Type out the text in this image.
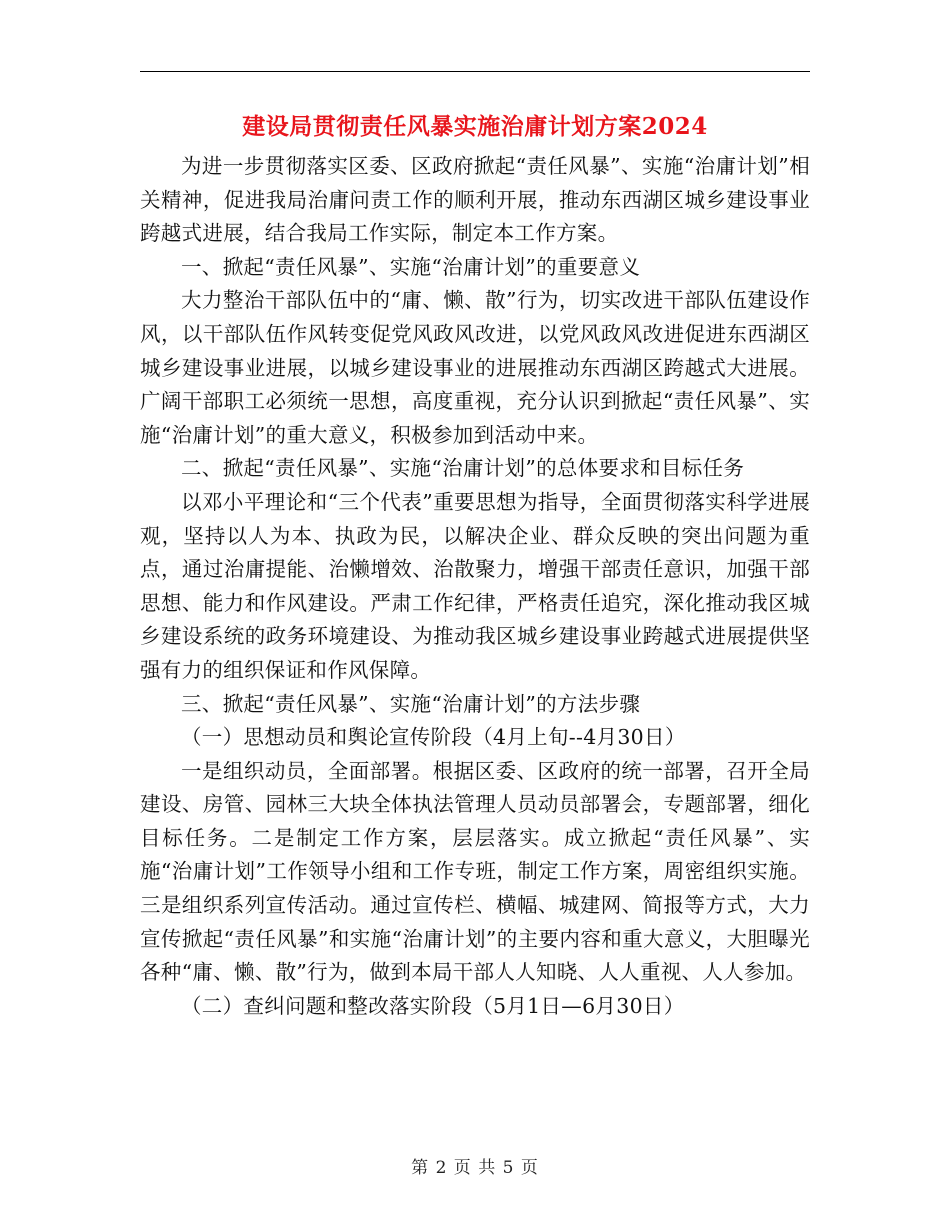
建设局贯彻责任风暴实施治庸计划方案2024

为进一步贯彻落实区委、区政府掀起“责任风暴”、实施“治庸计划”相关精神，促进我局治庸问责工作的顺利开展，推动东西湖区城乡建设事业跨越式进展，结合我局工作实际，制定本工作方案。

一、掀起“责任风暴”、实施“治庸计划”的重要意义

大力整治干部队伍中的“庸、懒、散”行为，切实改进干部队伍建设作风，以干部队伍作风转变促党风政风改进，以党风政风改进促进东西湖区城乡建设事业进展，以城乡建设事业的进展推动东西湖区跨越式大进展。广阔干部职工必须统一思想，高度重视，充分认识到掀起“责任风暴”、实施“治庸计划”的重大意义，积极参加到活动中来。

二、掀起“责任风暴”、实施“治庸计划”的总体要求和目标任务

以邓小平理论和“三个代表”重要思想为指导，全面贯彻落实科学进展观，坚持以人为本、执政为民，以解决企业、群众反映的突出问题为重点，通过治庸提能、治懒增效、治散聚力，增强干部责任意识，加强干部思想、能力和作风建设。严肃工作纪律，严格责任追究，深化推动我区城乡建设系统的政务环境建设、为推动我区城乡建设事业跨越式进展提供坚强有力的组织保证和作风保障。

三、掀起“责任风暴”、实施“治庸计划”的方法步骤

（一）思想动员和舆论宣传阶段（4月上旬--4月30日）

一是组织动员，全面部署。根据区委、区政府的统一部署，召开全局建设、房管、园林三大块全体执法管理人员动员部署会，专题部署，细化目标任务。二是制定工作方案，层层落实。成立掀起“责任风暴”、实施“治庸计划”工作领导小组和工作专班，制定工作方案，周密组织实施。三是组织系列宣传活动。通过宣传栏、横幅、城建网、简报等方式，大力宣传掀起“责任风暴”和实施“治庸计划”的主要内容和重大意义，大胆曝光各种“庸、懒、散”行为，做到本局干部人人知晓、人人重视、人人参加。

（二）查纠问题和整改落实阶段（5月1日—6月30日）

第 2 页 共 5 页
